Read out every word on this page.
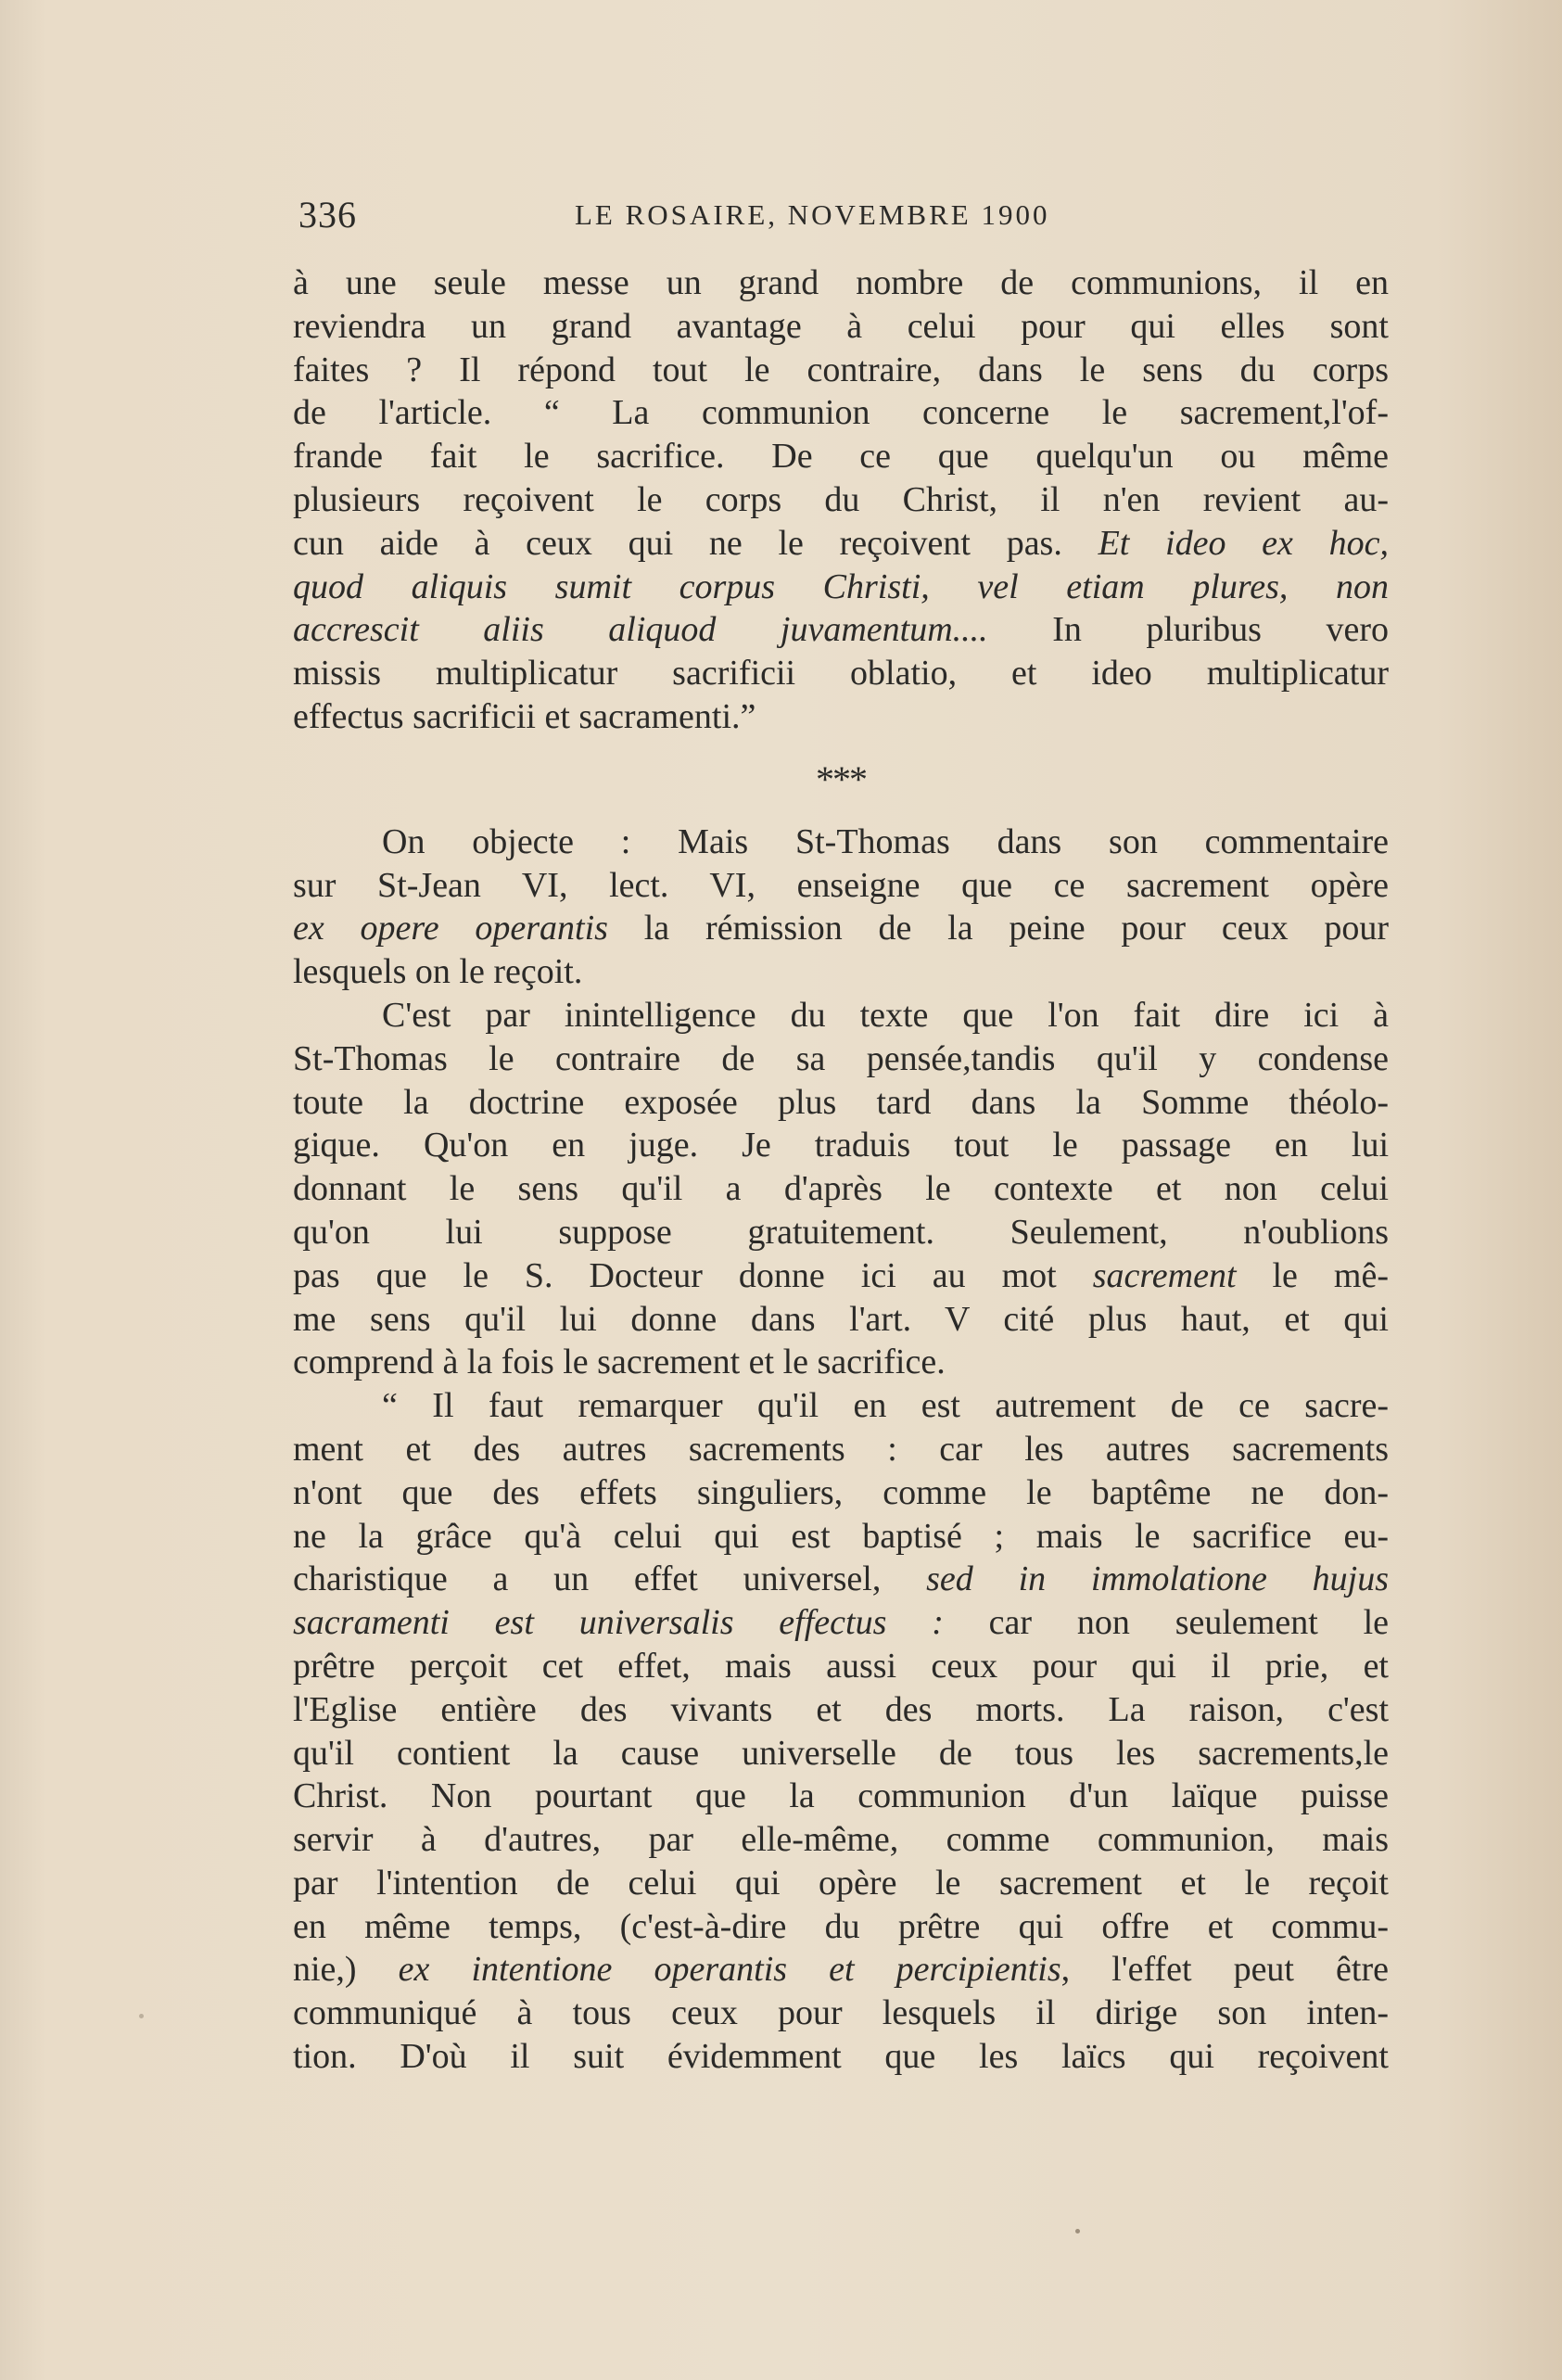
336	LE ROSAIRE, NOVEMBRE 1900
à une seule messe un grand nombre de communions, il en
reviendra un grand avantage à celui pour qui elles sont
faites ? Il répond tout le contraire, dans le sens du corps
de l'article. “ La communion concerne le sacrement,l'of-
frande fait le sacrifice. De ce que quelqu'un ou même
plusieurs reçoivent le corps du Christ, il n'en revient au-
cun aide à ceux qui ne le reçoivent pas. Et ideo ex hoc,
quod aliquis sumit corpus Christi, vel etiam plures, non
accrescit aliis aliquod juvamentum.... In pluribus vero
missis multiplicatur sacrificii oblatio, et ideo multiplicatur
effectus sacrificii et sacramenti.”
***
On objecte : Mais St-Thomas dans son commentaire
sur St-Jean VI, lect. VI, enseigne que ce sacrement opère
ex opere operantis la rémission de la peine pour ceux pour
lesquels on le reçoit.
C'est par inintelligence du texte que l'on fait dire ici à
St-Thomas le contraire de sa pensée,tandis qu'il y condense
toute la doctrine exposée plus tard dans la Somme théolo-
gique. Qu'on en juge. Je traduis tout le passage en lui
donnant le sens qu'il a d'après le contexte et non celui
qu'on lui suppose gratuitement. Seulement, n'oublions
pas que le S. Docteur donne ici au mot sacrement le mê-
me sens qu'il lui donne dans l'art. V cité plus haut, et qui
comprend à la fois le sacrement et le sacrifice.
“ Il faut remarquer qu'il en est autrement de ce sacre-
ment et des autres sacrements : car les autres sacrements
n'ont que des effets singuliers, comme le baptême ne don-
ne la grâce qu'à celui qui est baptisé ; mais le sacrifice eu-
charistique a un effet universel, sed in immolatione hujus
sacramenti est universalis effectus : car non seulement le
prêtre perçoit cet effet, mais aussi ceux pour qui il prie, et
l'Eglise entière des vivants et des morts. La raison, c'est
qu'il contient la cause universelle de tous les sacrements,le
Christ. Non pourtant que la communion d'un laïque puisse
servir à d'autres, par elle-même, comme communion, mais
par l'intention de celui qui opère le sacrement et le reçoit
en même temps, (c'est-à-dire du prêtre qui offre et commu-
nie,) ex intentione operantis et percipientis, l'effet peut être
communiqué à tous ceux pour lesquels il dirige son inten-
tion. D'où il suit évidemment que les laïcs qui reçoivent
